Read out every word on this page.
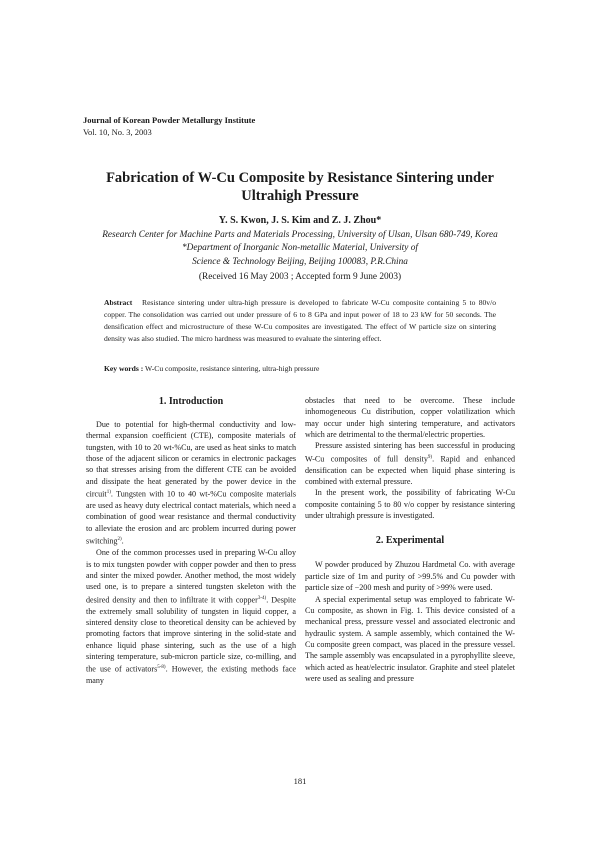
Journal of Korean Powder Metallurgy Institute
Vol. 10, No. 3, 2003
Fabrication of W-Cu Composite by Resistance Sintering under
Ultrahigh Pressure
Y. S. Kwon, J. S. Kim and Z. J. Zhou*
Research Center for Machine Parts and Materials Processing, University of Ulsan, Ulsan 680-749, Korea
*Department of Inorganic Non-metallic Material, University of
Science & Technology Beijing, Beijing 100083, P.R.China
(Received 16 May 2003 ; Accepted form 9 June 2003)
Abstract Resistance sintering under ultra-high pressure is developed to fabricate W-Cu composite containing 5 to 80v/o copper. The consolidation was carried out under pressure of 6 to 8 GPa and input power of 18 to 23 kW for 50 seconds. The densification effect and microstructure of these W-Cu composites are investigated. The effect of W particle size on sintering density was also studied. The micro hardness was measured to evaluate the sintering effect.
Key words : W-Cu composite, resistance sintering, ultra-high pressure
1. Introduction

Due to potential for high-thermal conductivity and low-thermal expansion coefficient (CTE), composite materials of tungsten, with 10 to 20 wt-%Cu, are used as heat sinks to match those of the adjacent silicon or ceramics in electronic packages so that stresses arising from the different CTE can be avoided and dissipate the heat generated by the power device in the circuit$^{1)}$. Tungsten with 10 to 40 wt-%Cu composite materials are used as heavy duty electrical contact materials, which need a combination of good wear resistance and thermal conductivity to alleviate the erosion and arc problem incurred during power switching$^{2)}$.

One of the common processes used in preparing W-Cu alloy is to mix tungsten powder with copper powder and then to press and sinter the mixed powder. Another method, the most widely used one, is to prepare a sintered tungsten skeleton with the desired density and then to infiltrate it with copper$^{3-4)}$. Despite the extremely small solubility of tungsten in liquid copper, a sintered density close to theoretical density can be achieved by promoting factors that improve sintering in the solid-state and enhance liquid phase sintering, such as the use of a high sintering temperature, sub-micron particle size, co-milling, and the use of activators$^{5-8)}$. However, the existing methods face many

obstacles that need to be overcome. These include inhomogeneous Cu distribution, copper volatilization which may occur under high sintering temperature, and activators which are detrimental to the thermal/electric properties.

Pressure assisted sintering has been successful in producing W-Cu composites of full density$^{9)}$. Rapid and enhanced densification can be expected when liquid phase sintering is combined with external pressure.

In the present work, the possibility of fabricating W-Cu composite containing 5 to 80 v/o copper by resistance sintering under ultrahigh pressure is investigated.

2. Experimental

W powder produced by Zhuzou Hardmetal Co. with average particle size of 1m and purity of >99.5% and Cu powder with particle size of −200 mesh and purity of >99% were used.

A special experimental setup was employed to fabricate W-Cu composite, as shown in Fig. 1. This device consisted of a mechanical press, pressure vessel and associated electronic and hydraulic system. A sample assembly, which contained the W-Cu composite green compact, was placed in the pressure vessel. The sample assembly was encapsulated in a pyrophyllite sleeve, which acted as heat/electric insulator. Graphite and steel platelet were used as sealing and pressure

181
